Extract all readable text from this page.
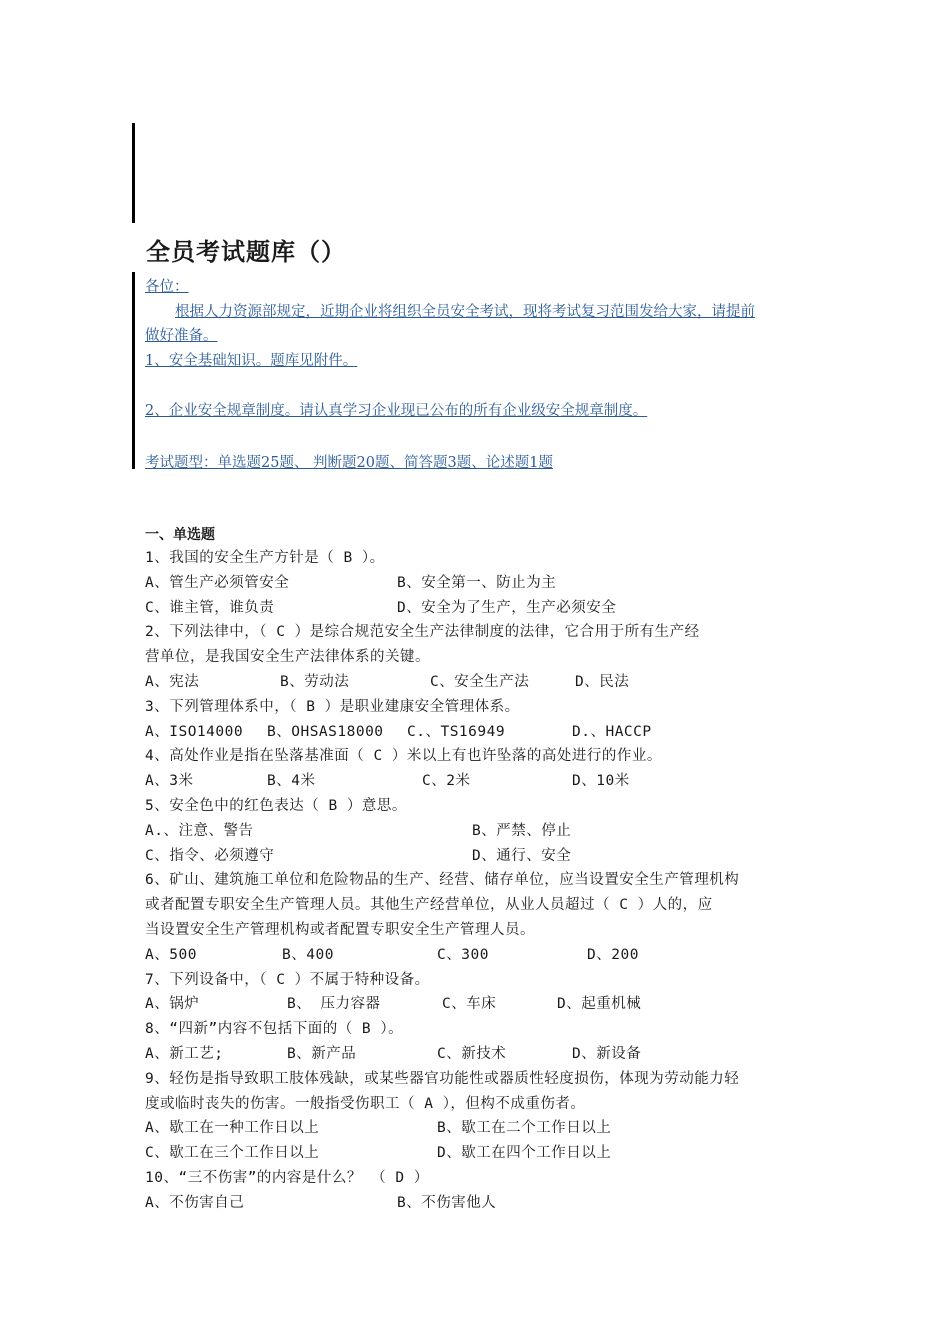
全员考试题库（）
各位：
根据人力资源部规定，近期企业将组织全员安全考试，现将考试复习范围发给大家，请提前
做好准备。
1、安全基础知识。题库见附件。
2、企业安全规章制度。请认真学习企业现已公布的所有企业级安全规章制度。
考试题型：单选题25题、 判断题20题、简答题3题、论述题1题
一、单选题
1、我国的安全生产方针是（ B ）。
A、管生产必须管安全	B、安全第一、防止为主
C、谁主管，谁负责	D、安全为了生产，生产必须安全
2、下列法律中，（ C ）是综合规范安全生产法律制度的法律，它合用于所有生产经
营单位，是我国安全生产法律体系的关键。
A、宪法	B、劳动法	C、安全生产法	D、民法
3、下列管理体系中，（ B ）是职业建康安全管理体系。
A、ISO14000 B、OHSAS18000 C.、TS16949	D.、HACCP
4、高处作业是指在坠落基准面（ C ）米以上有也许坠落的高处进行的作业。
A、3米	B、4米	C、2米	D、10米
5、安全色中的红色表达（ B ）意思。
A.、注意、警告	B、严禁、停止
C、指令、必须遵守	D、通行、安全
6、矿山、建筑施工单位和危险物品的生产、经营、储存单位，应当设置安全生产管理机构
或者配置专职安全生产管理人员。其他生产经营单位，从业人员超过（ C ）人的，应
当设置安全生产管理机构或者配置专职安全生产管理人员。
A、500	B、400	C、300	D、200
7、下列设备中，（ C ）不属于特种设备。
A、锅炉	B、 压力容器	C、车床	D、起重机械
8、“四新”内容不包括下面的（ B ）。
A、新工艺;	B、新产品	C、新技术	D、新设备
9、轻伤是指导致职工肢体残缺，或某些器官功能性或器质性轻度损伤，体现为劳动能力轻
度或临时丧失的伤害。一般指受伤职工（ A ），但构不成重伤者。
A、歇工在一种工作日以上	B、歇工在二个工作日以上
C、歇工在三个工作日以上	D、歇工在四个工作日以上
10、“三不伤害”的内容是什么？ （ D ）
A、不伤害自己	B、不伤害他人
